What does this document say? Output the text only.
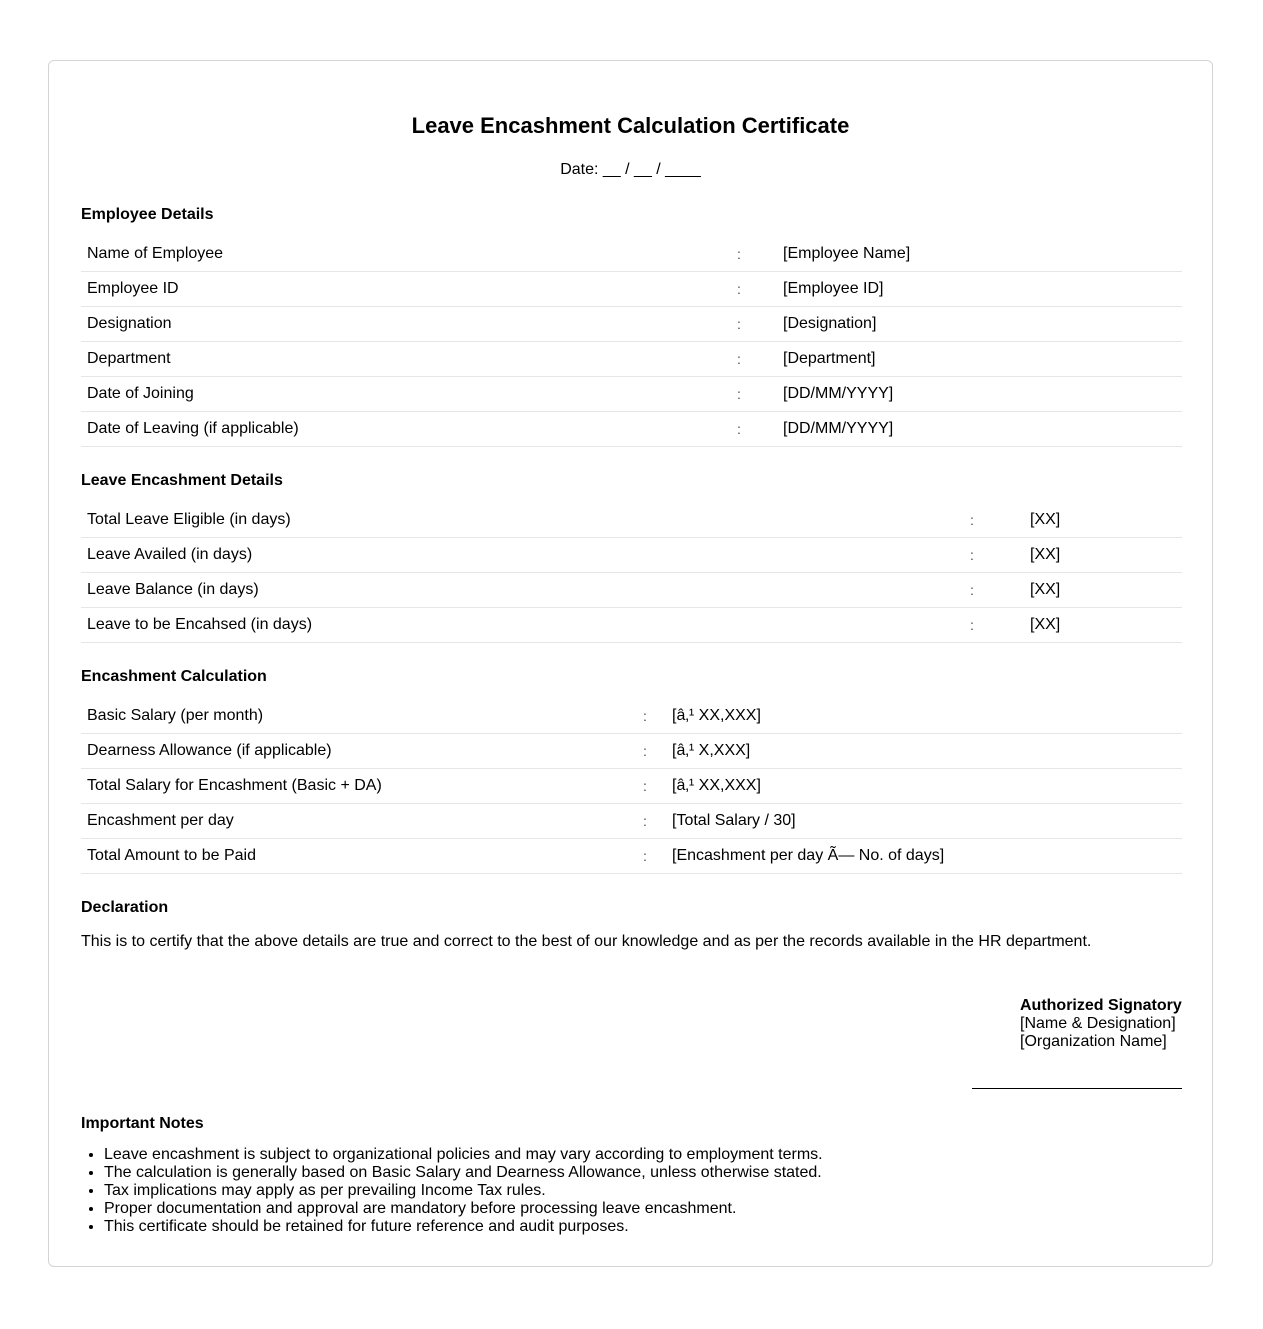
Leave Encashment Calculation Certificate
Date: __ / __ / ____
Employee Details
Name of Employee	:	[Employee Name]
Employee ID	:	[Employee ID]
Designation	:	[Designation]
Department	:	[Department]
Date of Joining	:	[DD/MM/YYYY]
Date of Leaving (if applicable)	:	[DD/MM/YYYY]
Leave Encashment Details
Total Leave Eligible (in days)	:	[XX]
Leave Availed (in days)	:	[XX]
Leave Balance (in days)	:	[XX]
Leave to be Encahsed (in days)	:	[XX]
Encashment Calculation
Basic Salary (per month)	:	[â‚¹ XX,XXX]
Dearness Allowance (if applicable)	:	[â‚¹ X,XXX]
Total Salary for Encashment (Basic + DA)	:	[â‚¹ XX,XXX]
Encashment per day	:	[Total Salary / 30]
Total Amount to be Paid	:	[Encashment per day Ã— No. of days]
Declaration

This is to certify that the above details are true and correct to the best of our knowledge and as per the records available in the HR department.

Authorized Signatory
[Name & Designation]
[Organization Name]
Important Notes
• Leave encashment is subject to organizational policies and may vary according to employment terms.
• The calculation is generally based on Basic Salary and Dearness Allowance, unless otherwise stated.
• Tax implications may apply as per prevailing Income Tax rules.
• Proper documentation and approval are mandatory before processing leave encashment.
• This certificate should be retained for future reference and audit purposes.
